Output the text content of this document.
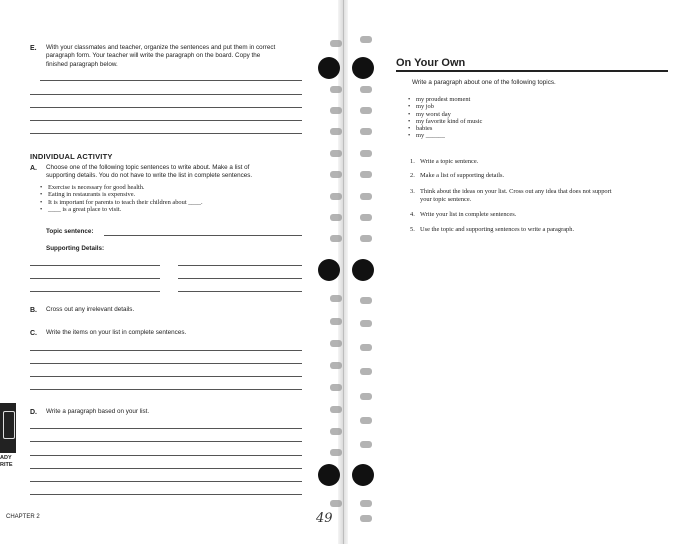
E. With your classmates and teacher, organize the sentences and put them in correct
paragraph form. Your teacher will write the paragraph on the board. Copy the
finished paragraph below.
INDIVIDUAL ACTIVITY
A. Choose one of the following topic sentences to write about. Make a list of
supporting details. You do not have to write the list in complete sentences.
• Exercise is necessary for good health.
• Eating in restaurants is expensive.
• It is important for parents to teach their children about ____.
• ____ is a great place to visit.
Topic sentence:
Supporting Details:
B. Cross out any irrelevant details.
C. Write the items on your list in complete sentences.
D. Write a paragraph based on your list.
ADY
RITE
CHAPTER 2	49
On Your Own
Write a paragraph about one of the following topics.
• my proudest moment
• my job
• my worst day
• my favorite kind of music
• babies
• my ______
1. Write a topic sentence.
2. Make a list of supporting details.
3. Think about the ideas on your list. Cross out any idea that does not support
your topic sentence.
4. Write your list in complete sentences.
5. Use the topic and supporting sentences to write a paragraph.
